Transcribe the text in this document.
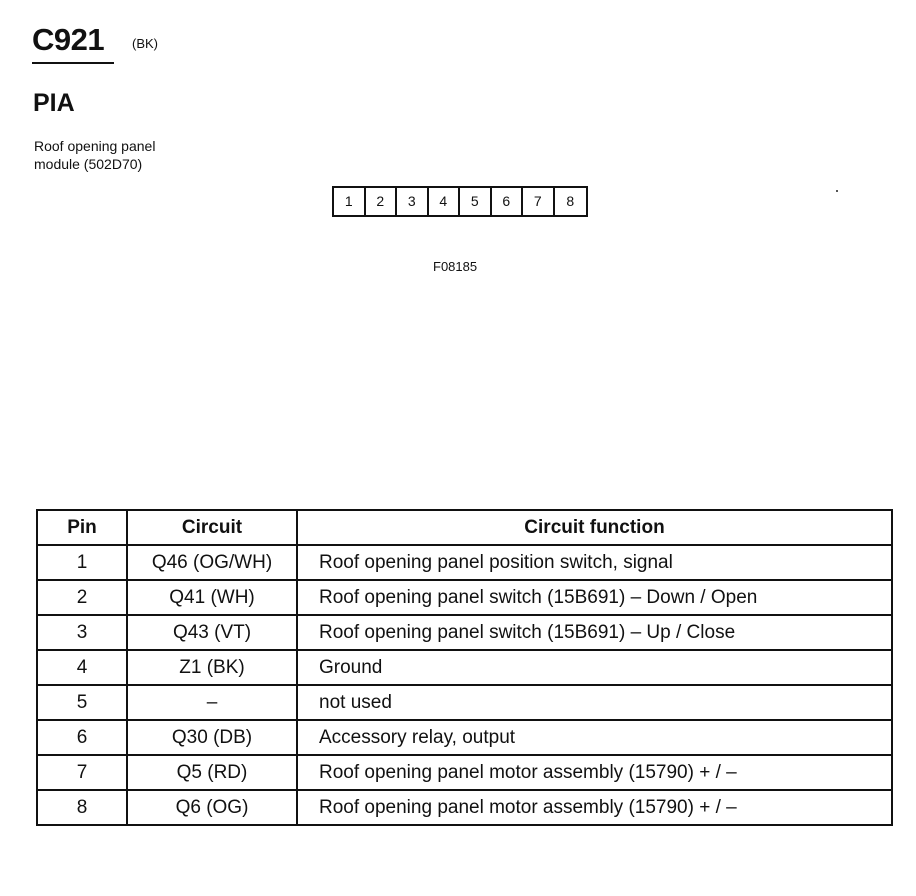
C921 (BK)
PIA
Roof opening panel
module (502D70)
1	2	3	4	5	6	7	8
F08185
Pin	Circuit	Circuit function
1	Q46 (OG/WH)	Roof opening panel position switch, signal
2	Q41 (WH)	Roof opening panel switch (15B691) – Down / Open
3	Q43 (VT)	Roof opening panel switch (15B691) – Up / Close
4	Z1 (BK)	Ground
5	–	not used
6	Q30 (DB)	Accessory relay, output
7	Q5 (RD)	Roof opening panel motor assembly (15790) + / –
8	Q6 (OG)	Roof opening panel motor assembly (15790) + / –
